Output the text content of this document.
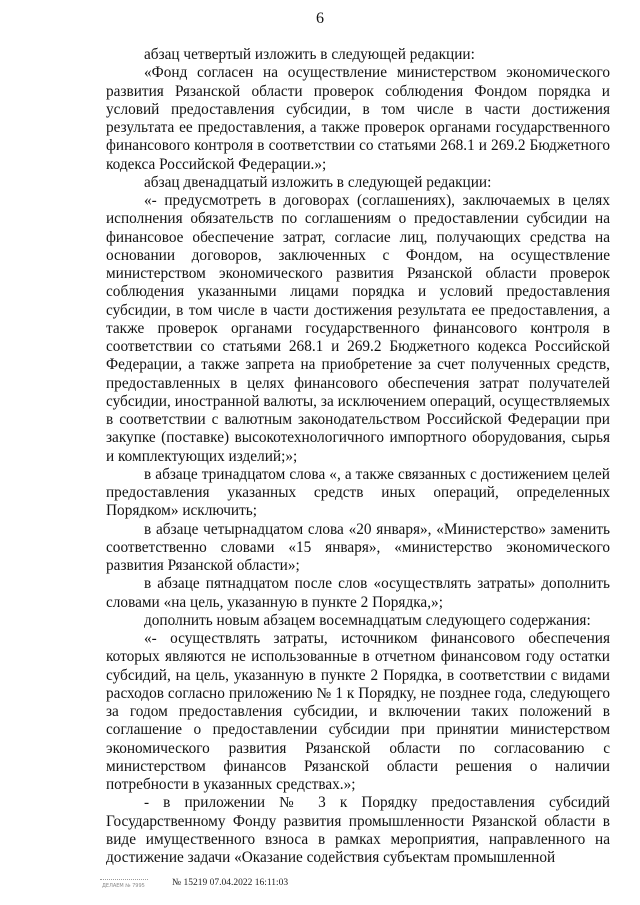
6

абзац четвертый изложить в следующей редакции:

«Фонд согласен на осуществление министерством экономического развития Рязанской области проверок соблюдения Фондом порядка и условий предоставления субсидии, в том числе в части достижения результата ее предоставления, а также проверок органами государственного финансового контроля в соответствии со статьями 268.1 и 269.2 Бюджетного кодекса Российской Федерации.»;

абзац двенадцатый изложить в следующей редакции:

«- предусмотреть в договорах (соглашениях), заключаемых в целях исполнения обязательств по соглашениям о предоставлении субсидии на финансовое обеспечение затрат, согласие лиц, получающих средства на основании договоров, заключенных с Фондом, на осуществление министерством экономического развития Рязанской области проверок соблюдения указанными лицами порядка и условий предоставления субсидии, в том числе в части достижения результата ее предоставления, а также проверок органами государственного финансового контроля в соответствии со статьями 268.1 и 269.2 Бюджетного кодекса Российской Федерации, а также запрета на приобретение за счет полученных средств, предоставленных в целях финансового обеспечения затрат получателей субсидии, иностранной валюты, за исключением операций, осуществляемых в соответствии с валютным законодательством Российской Федерации при закупке (поставке) высокотехнологичного импортного оборудования, сырья и комплектующих изделий;»;

в абзаце тринадцатом слова «, а также связанных с достижением целей предоставления указанных средств иных операций, определенных Порядком» исключить;

в абзаце четырнадцатом слова «20 января», «Министерство» заменить соответственно словами «15 января», «министерство экономического развития Рязанской области»;

в абзаце пятнадцатом после слов «осуществлять затраты» дополнить словами «на цель, указанную в пункте 2 Порядка,»;

дополнить новым абзацем восемнадцатым следующего содержания:

«- осуществлять затраты, источником финансового обеспечения которых являются не использованные в отчетном финансовом году остатки субсидий, на цель, указанную в пункте 2 Порядка, в соответствии с видами расходов согласно приложению № 1 к Порядку, не позднее года, следующего за годом предоставления субсидии, и включении таких положений в соглашение о предоставлении субсидии при принятии министерством экономического развития Рязанской области по согласованию с министерством финансов Рязанской области решения о наличии потребности в указанных средствах.»;

- в приложении № 3 к Порядку предоставления субсидий Государственному Фонду развития промышленности Рязанской области в виде имущественного взноса в рамках мероприятия, направленного на достижение задачи «Оказание содействия субъектам промышленной

ДЕЛАЕМ № 7995	№ 15219 07.04.2022 16:11:03
